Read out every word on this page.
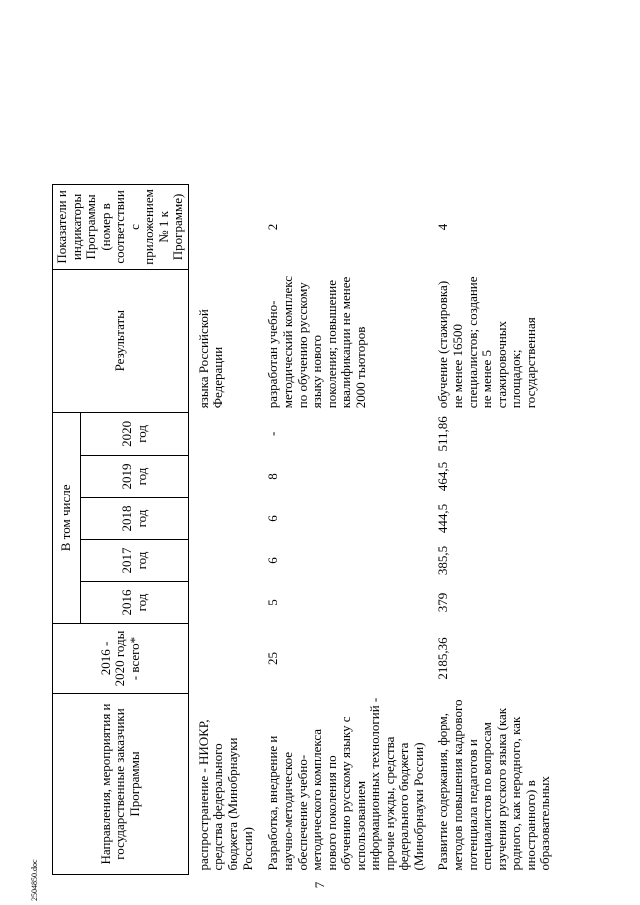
7
2504850.doc
Направления, мероприятия и государственные заказчики Программы	2016 - 2020 годы - всего*	В том числе					Результаты	Показатели и индикаторы Программы (номер в соответствии с приложением № 1 к Программе)
		2016 год	2017 год	2018 год	2019 год	2020 год		
распространение - НИОКР, средства федерального бюджета (Минобрнауки России)							языка Российской Федерации	
Разработка, внедрение и научно-методическое обеспечение учебно-методического комплекса нового поколения по обучению русскому языку с использованием информационных технологий - прочие нужды, средства федерального бюджета (Минобрнауки России)	25	5	6	6	8	-	разработан учебно-методический комплекс по обучению русскому языку нового поколения; повышение квалификации не менее 2000 тьюторов	2
Развитие содержания, форм, методов повышения кадрового потенциала педагогов и специалистов по вопросам изучения русского языка (как родного, как неродного, как иностранного) в образовательных	2185,36	379	385,5	444,5	464,5	511,86	обучение (стажировка) не менее 16500 специалистов; создание не менее 5 стажировочных площадок; государственная	4
